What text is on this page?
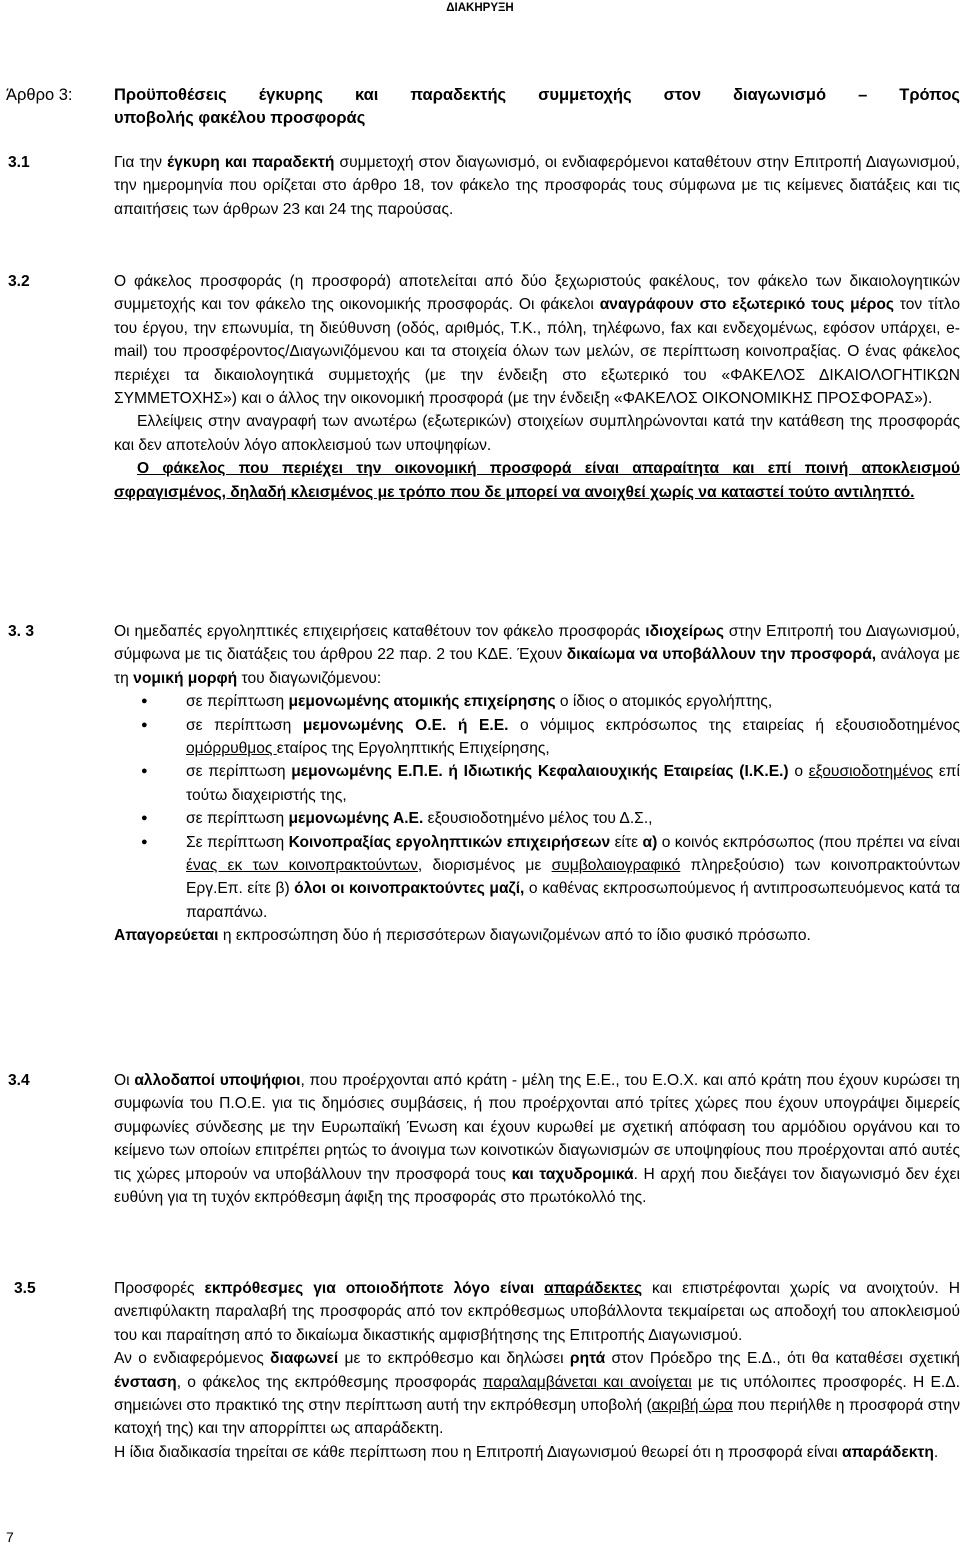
ΔΙΑΚΗΡΥΞΗ
Άρθρο 3:	Προϋποθέσεις έγκυρης και παραδεκτής συμμετοχής στον διαγωνισμό – Τρόπος
υποβολής φακέλου προσφοράς
3.1	Για την έγκυρη και παραδεκτή συμμετοχή στον διαγωνισμό, οι ενδιαφερόμενοι καταθέτουν στην Επιτροπή Διαγωνισμού, την ημερομηνία που ορίζεται στο άρθρο 18, τον φάκελο της προσφοράς τους σύμφωνα με τις κείμενες διατάξεις και τις απαιτήσεις των άρθρων 23 και 24 της παρούσας.

3.2	Ο φάκελος προσφοράς (η προσφορά) αποτελείται από δύο ξεχωριστούς φακέλους, τον φάκελο των δικαιολογητικών συμμετοχής και τον φάκελο της οικονομικής προσφοράς. Οι φάκελοι αναγράφουν στο εξωτερικό τους μέρος τον τίτλο του έργου, την επωνυμία, τη διεύθυνση (οδός, αριθμός, Τ.Κ., πόλη, τηλέφωνο, fax και ενδεχομένως, εφόσον υπάρχει, e-mail) του προσφέροντος/Διαγωνιζόμενου και τα στοιχεία όλων των μελών, σε περίπτωση κοινοπραξίας. Ο ένας φάκελος περιέχει τα δικαιολογητικά συμμετοχής (με την ένδειξη στο εξωτερικό του «ΦΑΚΕΛΟΣ ΔΙΚΑΙΟΛΟΓΗΤΙΚΩΝ ΣΥΜΜΕΤΟΧΗΣ») και ο άλλος την οικονομική προσφορά (με την ένδειξη «ΦΑΚΕΛΟΣ ΟΙΚΟΝΟΜΙΚΗΣ ΠΡΟΣΦΟΡΑΣ»).

Ελλείψεις στην αναγραφή των ανωτέρω (εξωτερικών) στοιχείων συμπληρώνονται κατά την κατάθεση της προσφοράς και δεν αποτελούν λόγο αποκλεισμού των υποψηφίων.

Ο φάκελος που περιέχει την οικονομική προσφορά είναι απαραίτητα και επί ποινή αποκλεισμού σφραγισμένος, δηλαδή κλεισμένος με τρόπο που δε μπορεί να ανοιχθεί χωρίς να καταστεί τούτο αντιληπτό.

3. 3	Οι ημεδαπές εργοληπτικές επιχειρήσεις καταθέτουν τον φάκελο προσφοράς ιδιοχείρως στην Επιτροπή του Διαγωνισμού, σύμφωνα με τις διατάξεις του άρθρου 22 παρ. 2 του ΚΔΕ. Έχουν δικαίωμα να υποβάλλουν την προσφορά, ανάλογα με τη νομική μορφή του διαγωνιζόμενου:

● σε περίπτωση μεμονωμένης ατομικής επιχείρησης ο ίδιος ο ατομικός εργολήπτης,
● σε περίπτωση μεμονωμένης Ο.Ε. ή Ε.Ε. ο νόμιμος εκπρόσωπος της εταιρείας ή εξουσιοδοτημένος ομόρρυθμος εταίρος της Εργοληπτικής Επιχείρησης,
● σε περίπτωση μεμονωμένης Ε.Π.Ε. ή Ιδιωτικής Κεφαλαιουχικής Εταιρείας (Ι.Κ.Ε.) ο εξουσιοδοτημένος επί τούτω διαχειριστής της,
● σε περίπτωση μεμονωμένης Α.Ε. εξουσιοδοτημένο μέλος του Δ.Σ.,
● Σε περίπτωση Κοινοπραξίας εργοληπτικών επιχειρήσεων είτε α) ο κοινός εκπρόσωπος (που πρέπει να είναι ένας εκ των κοινοπρακτούντων, διορισμένος με συμβολαιογραφικό πληρεξούσιο) των κοινοπρακτούντων Εργ.Επ. είτε β) όλοι οι κοινοπρακτούντες μαζί, ο καθένας εκπροσωπούμενος ή αντιπροσωπευόμενος κατά τα παραπάνω.

Απαγορεύεται η εκπροσώπηση δύο ή περισσότερων διαγωνιζομένων από το ίδιο φυσικό πρόσωπο.

3.4	Οι αλλοδαποί υποψήφιοι, που προέρχονται από κράτη - μέλη της Ε.Ε., του Ε.Ο.Χ. και από κράτη που έχουν κυρώσει τη συμφωνία του Π.Ο.Ε. για τις δημόσιες συμβάσεις, ή που προέρχονται από τρίτες χώρες που έχουν υπογράψει διμερείς συμφωνίες σύνδεσης με την Ευρωπαϊκή Ένωση και έχουν κυρωθεί με σχετική απόφαση του αρμόδιου οργάνου και το κείμενο των οποίων επιτρέπει ρητώς το άνοιγμα των κοινοτικών διαγωνισμών σε υποψηφίους που προέρχονται από αυτές τις χώρες μπορούν να υποβάλλουν την προσφορά τους και ταχυδρομικά. Η αρχή που διεξάγει τον διαγωνισμό δεν έχει ευθύνη για τη τυχόν εκπρόθεσμη άφιξη της προσφοράς στο πρωτόκολλό της.

3.5	Προσφορές εκπρόθεσμες για οποιοδήποτε λόγο είναι απαράδεκτες και επιστρέφονται χωρίς να ανοιχτούν. Η ανεπιφύλακτη παραλαβή της προσφοράς από τον εκπρόθεσμως υποβάλλοντα τεκμαίρεται ως αποδοχή του αποκλεισμού του και παραίτηση από το δικαίωμα δικαστικής αμφισβήτησης της Επιτροπής Διαγωνισμού.

Αν ο ενδιαφερόμενος διαφωνεί με το εκπρόθεσμο και δηλώσει ρητά στον Πρόεδρο της Ε.Δ., ότι θα καταθέσει σχετική ένσταση, ο φάκελος της εκπρόθεσμης προσφοράς παραλαμβάνεται και ανοίγεται με τις υπόλοιπες προσφορές. Η Ε.Δ. σημειώνει στο πρακτικό της στην περίπτωση αυτή την εκπρόθεσμη υποβολή (ακριβή ώρα που περιήλθε η προσφορά στην κατοχή της) και την απορρίπτει ως απαράδεκτη.

Η ίδια διαδικασία τηρείται σε κάθε περίπτωση που η Επιτροπή Διαγωνισμού θεωρεί ότι η προσφορά είναι απαράδεκτη.

7
